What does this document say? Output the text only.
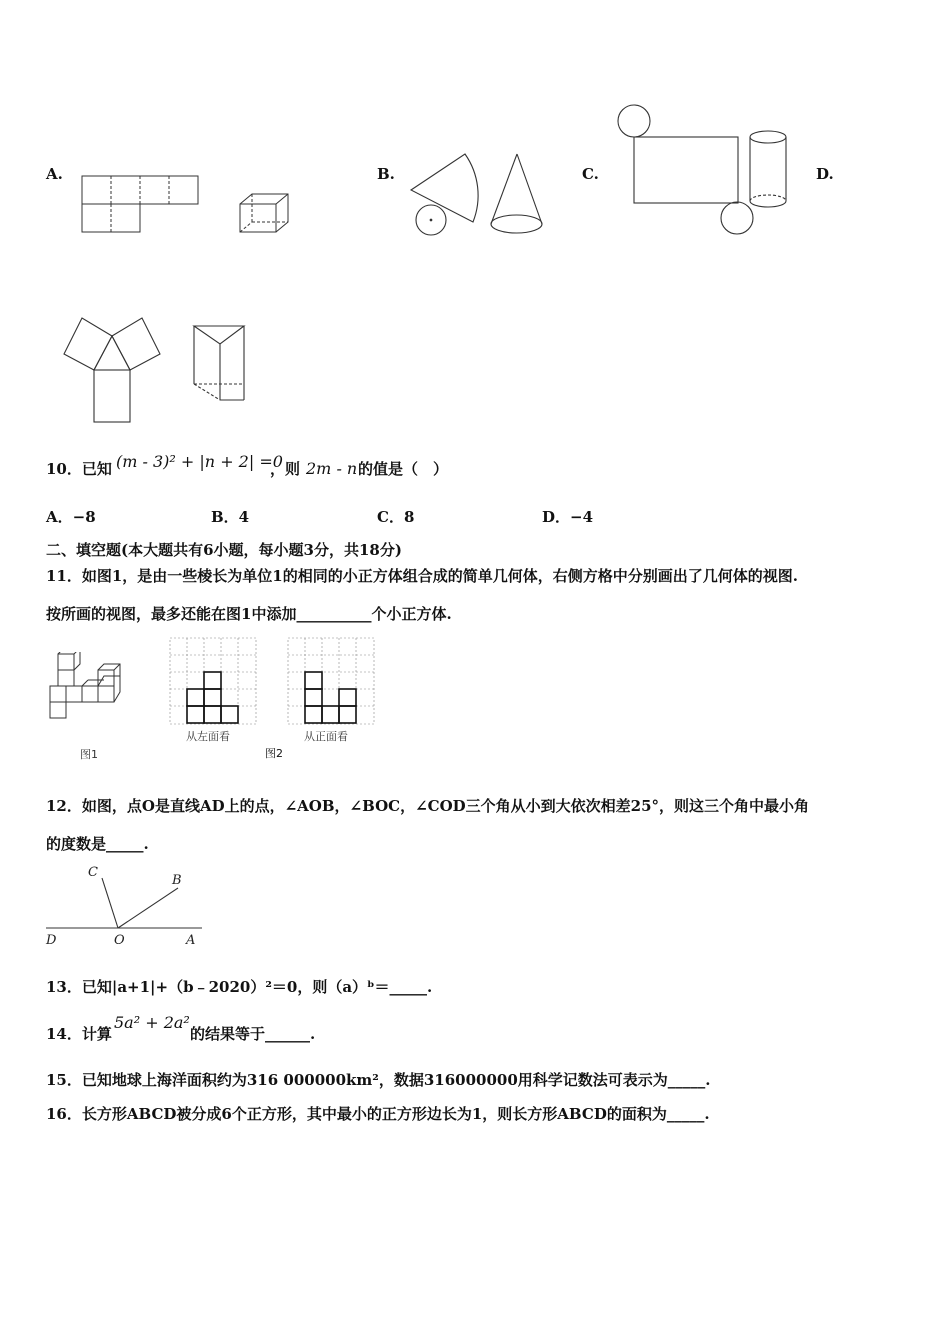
A.	B.	C.	D.
10．已知 (m - 3)² + |n + 2| =0
，则 2m - n 的值是（　）
A．−8	B．4	C．8	D．−4
二、填空题(本大题共有6小题，每小题3分，共18分)
11．如图1，是由一些棱长为单位1的相同的小正方体组合成的简单几何体，右侧方格中分别画出了几何体的视图.
按所画的视图，最多还能在图1中添加__________个小正方体.
图1
从左面看
图2
从正面看
12．如图，点O是直线AD上的点，∠AOB，∠BOC，∠COD三个角从小到大依次相差25°，则这三个角中最小角
的度数是_____.
C
B
D	O	A
13．已知|a+1|+（b﹣2020）²＝0，则（a）ᵇ＝_____.
14．计算
5a² + 2a²
的结果等于______.
15．已知地球上海洋面积约为316 000000km²，数据316000000用科学记数法可表示为_____.
16．长方形ABCD被分成6个正方形，其中最小的正方形边长为1，则长方形ABCD的面积为_____.
